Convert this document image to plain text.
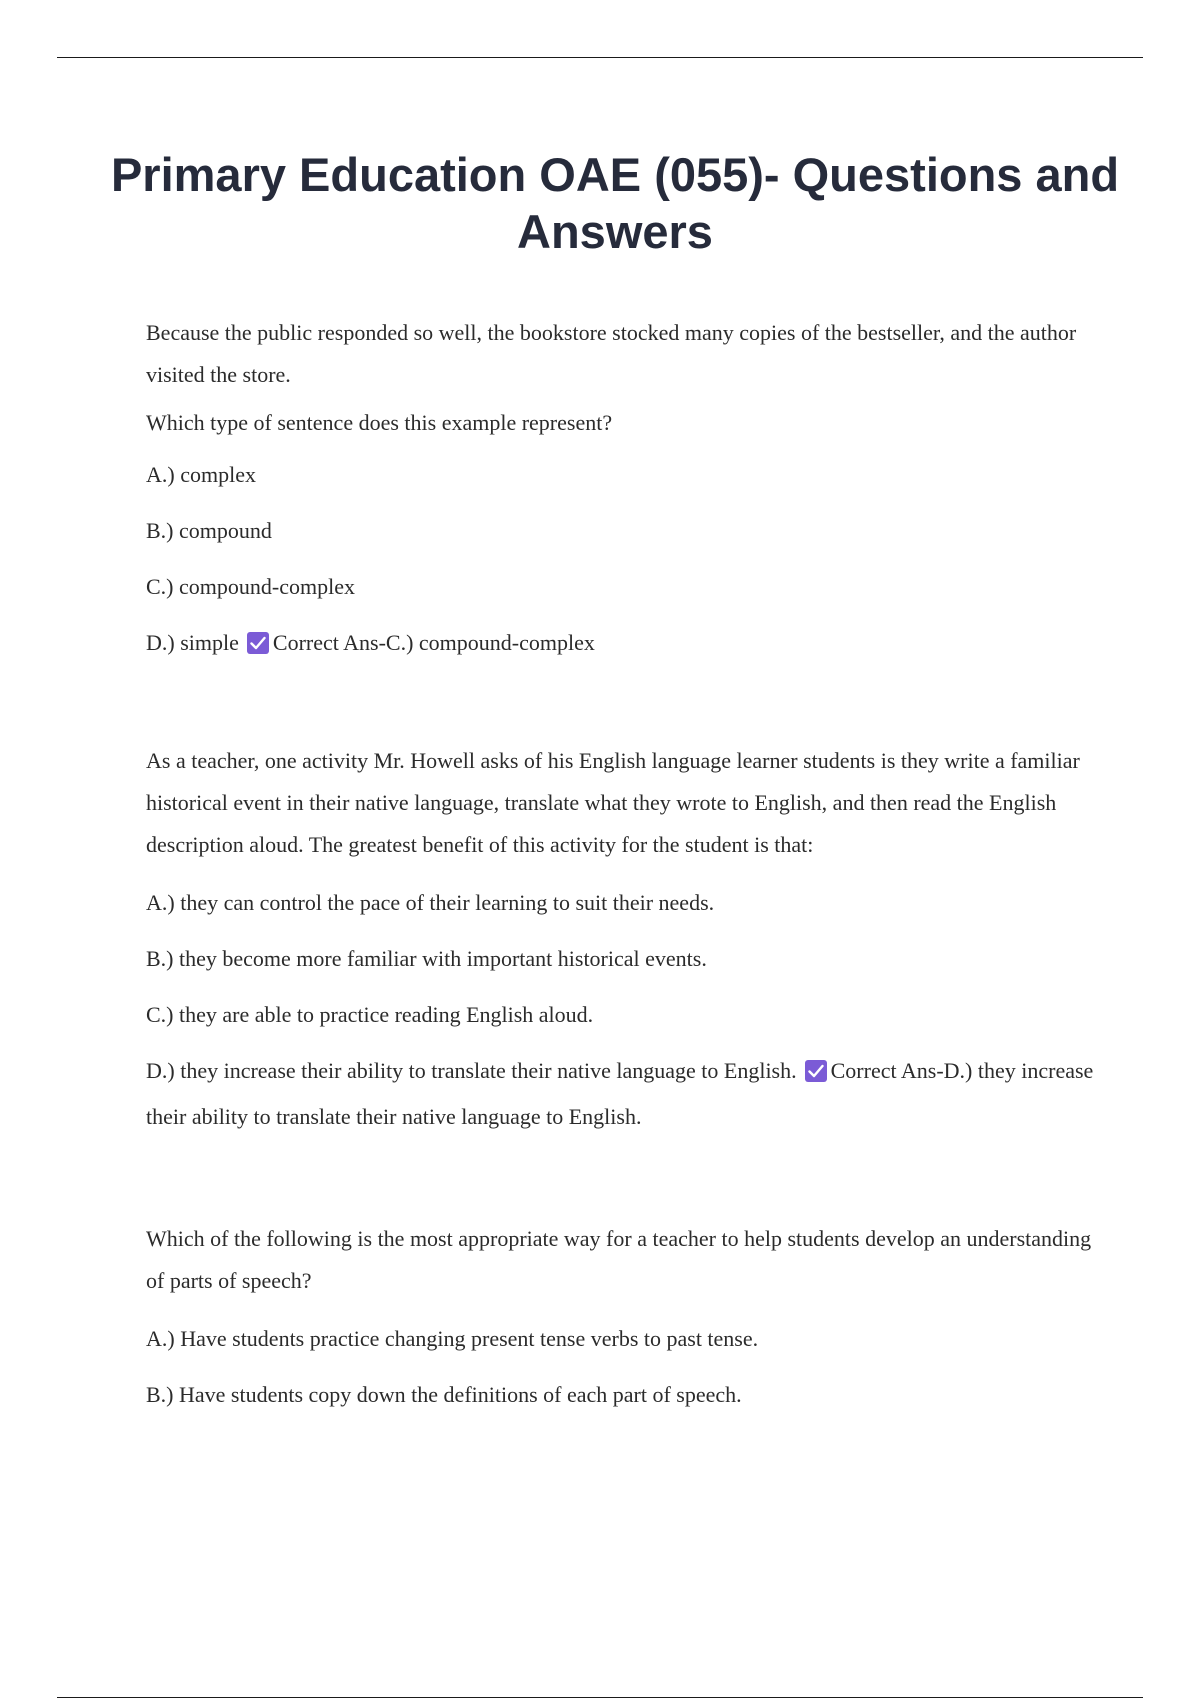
Primary Education OAE (055)- Questions and Answers

Because the public responded so well, the bookstore stocked many copies of the bestseller, and the author visited the store.

Which type of sentence does this example represent?

A.) complex

B.) compound

C.) compound-complex

D.) simple Correct Ans-C.) compound-complex

As a teacher, one activity Mr. Howell asks of his English language learner students is they write a familiar historical event in their native language, translate what they wrote to English, and then read the English description aloud. The greatest benefit of this activity for the student is that:

A.) they can control the pace of their learning to suit their needs.

B.) they become more familiar with important historical events.

C.) they are able to practice reading English aloud.

D.) they increase their ability to translate their native language to English. Correct Ans-D.) they increase their ability to translate their native language to English.

Which of the following is the most appropriate way for a teacher to help students develop an understanding of parts of speech?

A.) Have students practice changing present tense verbs to past tense.

B.) Have students copy down the definitions of each part of speech.
